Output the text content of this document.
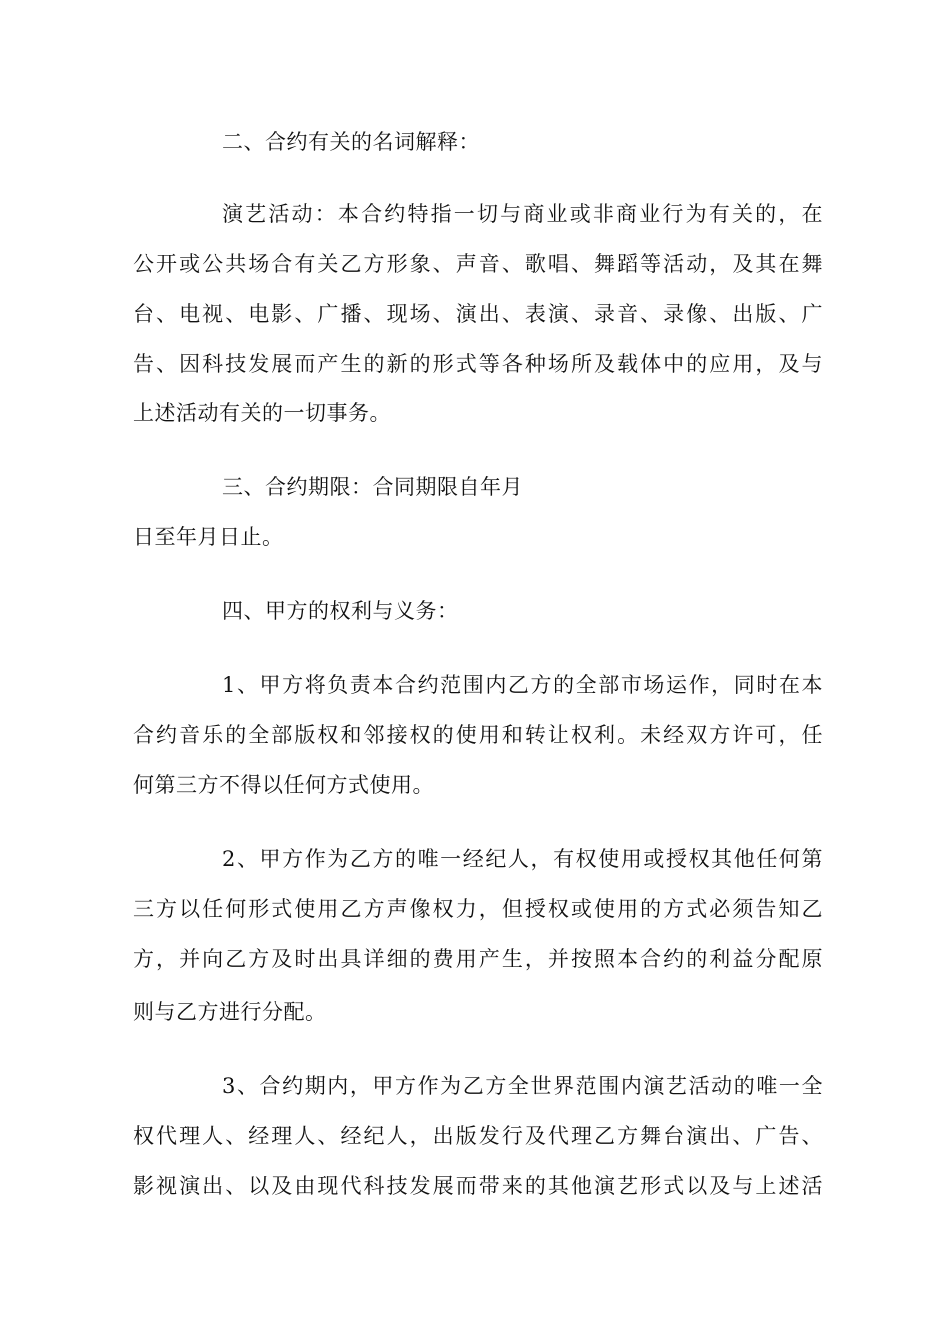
二、合约有关的名词解释：
演艺活动：本合约特指一切与商业或非商业行为有关的，在
公开或公共场合有关乙方形象、声音、歌唱、舞蹈等活动，及其在舞
台、电视、电影、广播、现场、演出、表演、录音、录像、出版、广
告、因科技发展而产生的新的形式等各种场所及载体中的应用，及与
上述活动有关的一切事务。
三、合约期限：合同期限自年月
日至年月日止。
四、甲方的权利与义务：
1、甲方将负责本合约范围内乙方的全部市场运作，同时在本
合约音乐的全部版权和邻接权的使用和转让权利。未经双方许可，任
何第三方不得以任何方式使用。
2、甲方作为乙方的唯一经纪人，有权使用或授权其他任何第
三方以任何形式使用乙方声像权力，但授权或使用的方式必须告知乙
方，并向乙方及时出具详细的费用产生，并按照本合约的利益分配原
则与乙方进行分配。
3、合约期内，甲方作为乙方全世界范围内演艺活动的唯一全
权代理人、经理人、经纪人，出版发行及代理乙方舞台演出、广告、
影视演出、以及由现代科技发展而带来的其他演艺形式以及与上述活
